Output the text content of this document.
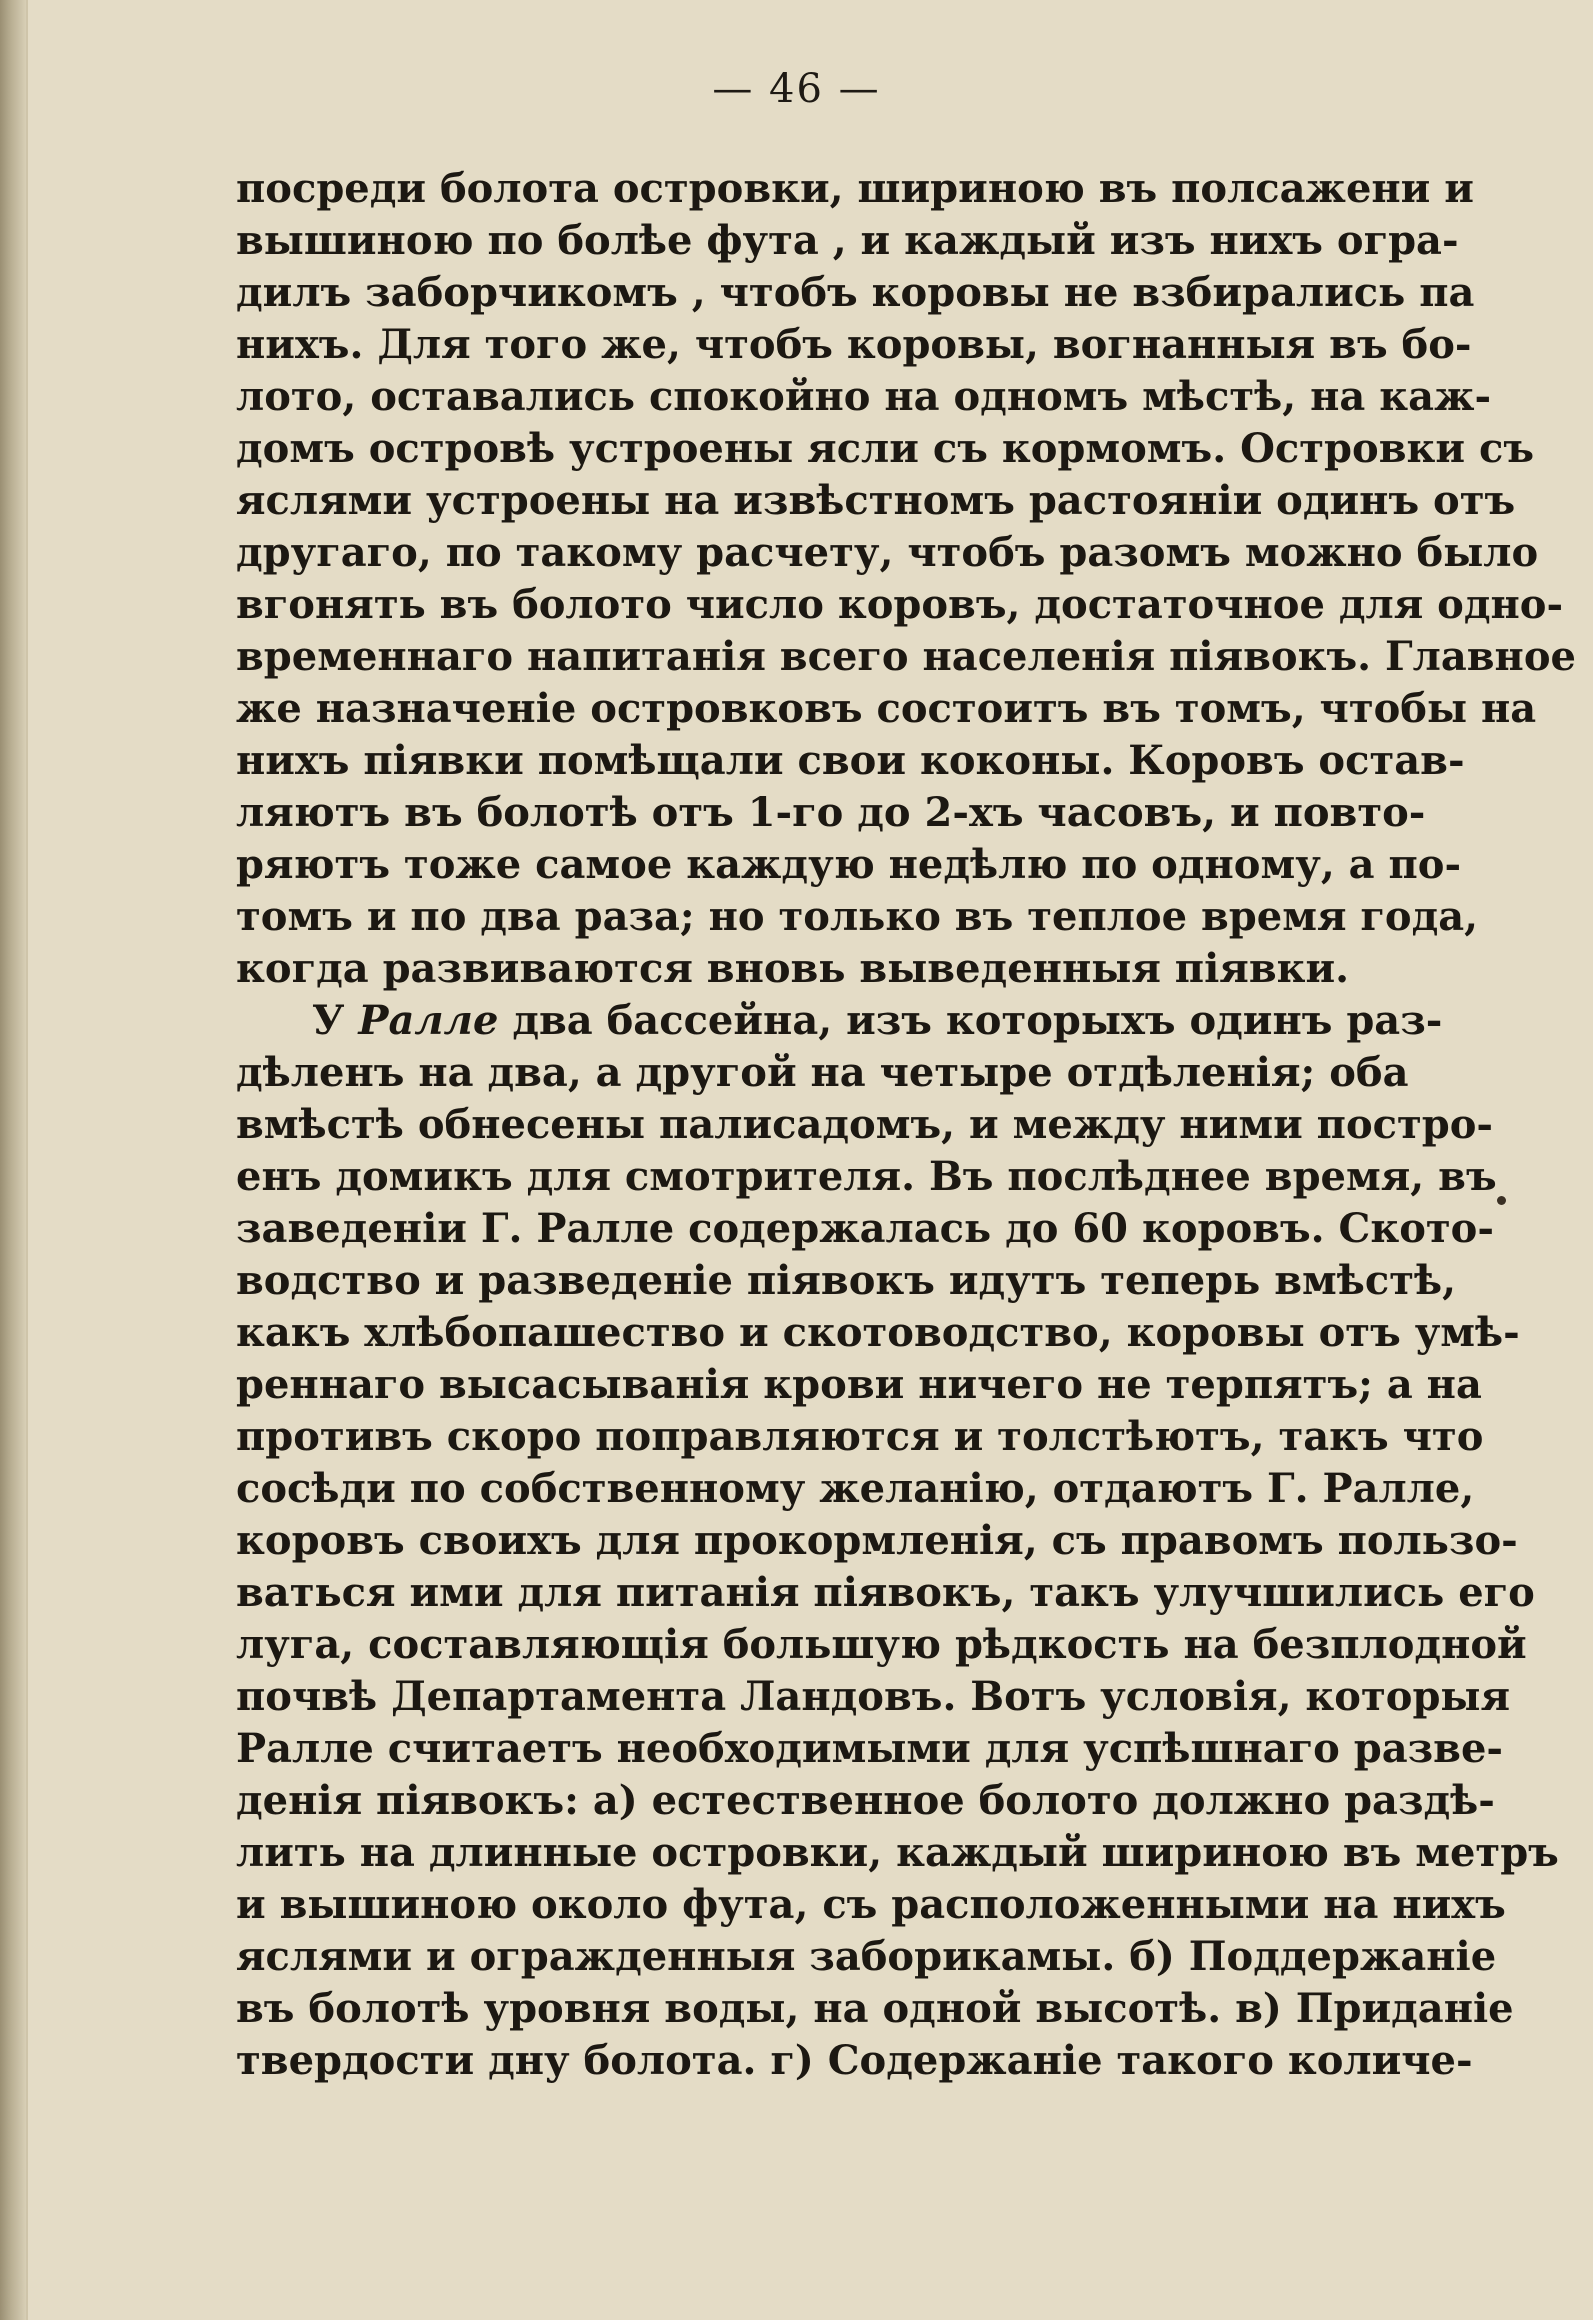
— 46 —
посреди болота островки, шириною въ полсажени и
вышиною по болѣе фута , и каждый изъ нихъ огра-
дилъ заборчикомъ , чтобъ коровы не взбирались па
нихъ. Для того же, чтобъ коровы, вогнанныя въ бо-
лото, оставались спокойно на одномъ мѣстѣ, на каж-
домъ островѣ устроены ясли съ кормомъ. Островки съ
яслями устроены на извѣстномъ растояніи одинъ отъ
другаго, по такому расчету, чтобъ разомъ можно было
вгонять въ болото число коровъ, достаточное для одно-
временнаго напитанія всего населенія піявокъ. Главное
же назначеніе островковъ состоитъ въ томъ, чтобы на
нихъ піявки помѣщали свои коконы. Коровъ остав-
ляютъ въ болотѣ отъ 1-го до 2-хъ часовъ, и повто-
ряютъ тоже самое каждую недѣлю по одному, а по-
томъ и по два раза; но только въ теплое время года,
когда развиваются вновь выведенныя піявки.
У Ралле два бассейна, изъ которыхъ одинъ раз-
дѣленъ на два, а другой на четыре отдѣленія; оба
вмѣстѣ обнесены палисадомъ, и между ними постро-
енъ домикъ для смотрителя. Въ послѣднее время, въ
заведеніи Г. Ралле содержалась до 60 коровъ. Ското-
водство и разведеніе піявокъ идутъ теперь вмѣстѣ,
какъ хлѣбопашество и скотоводство, коровы отъ умѣ-
реннаго высасыванія крови ничего не терпятъ; а на
противъ скоро поправляются и толстѣютъ, такъ что
сосѣди по собственному желанію, отдаютъ Г. Ралле,
коровъ своихъ для прокормленія, съ правомъ пользо-
ваться ими для питанія піявокъ, такъ улучшились его
луга, составляющія большую рѣдкость на безплодной
почвѣ Департамента Ландовъ. Вотъ условія, которыя
Ралле считаетъ необходимыми для успѣшнаго разве-
денія піявокъ: а) естественное болото должно раздѣ-
лить на длинные островки, каждый шириною въ метръ
и вышиною около фута, съ расположенными на нихъ
яслями и огражденныя заборикамы. б) Поддержаніе
въ болотѣ уровня воды, на одной высотѣ. в) Приданіе
твердости дну болота. г) Содержаніе такого количе-
